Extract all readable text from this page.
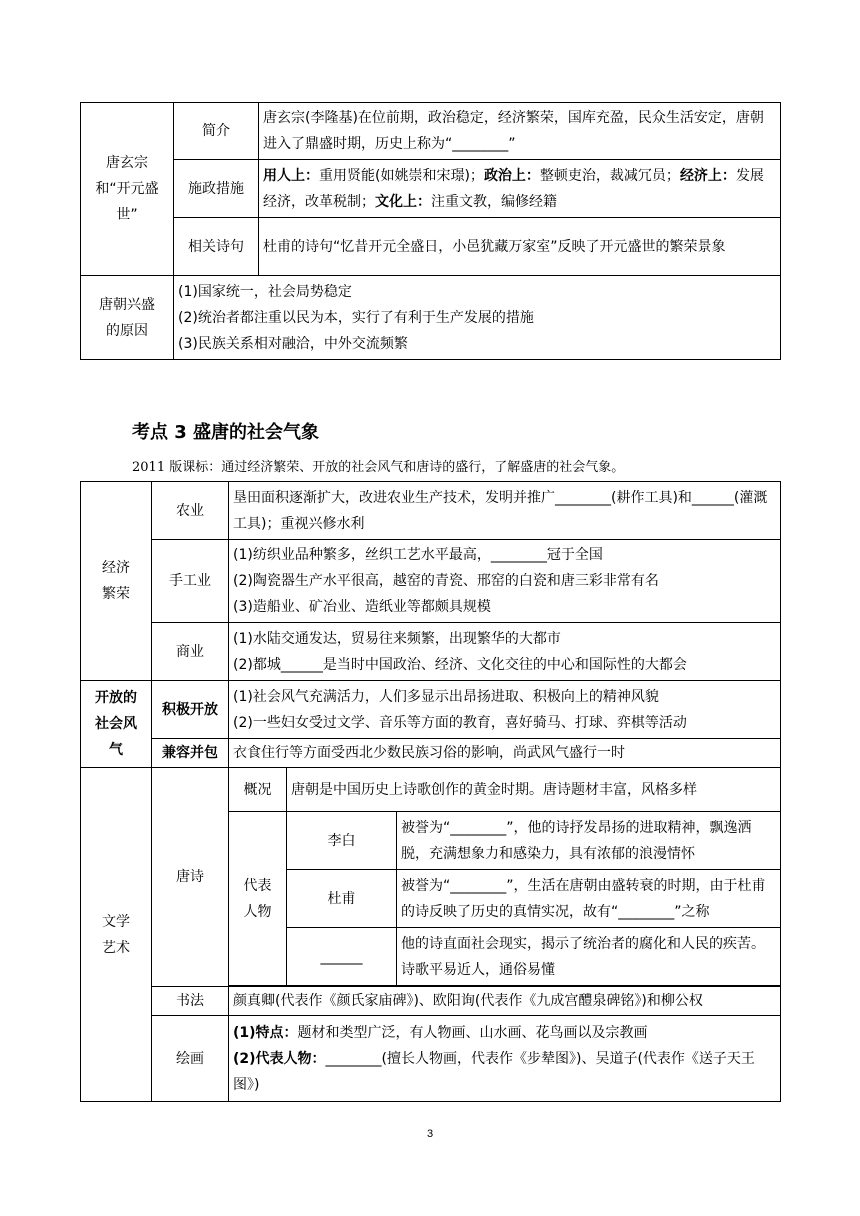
唐玄宗和“开元盛世”	简介	唐玄宗(李隆基)在位前期，政治稳定，经济繁荣，国库充盈，民众生活安定，唐朝进入了鼎盛时期，历史上称为“________”
	施政措施	用人上：重用贤能(如姚崇和宋璟)；政治上：整顿吏治，裁减冗员；经济上：发展经济，改革税制；文化上：注重文教，编修经籍
	相关诗句	杜甫的诗句“忆昔开元全盛日，小邑犹藏万家室”反映了开元盛世的繁荣景象
唐朝兴盛的原因	(1)国家统一，社会局势稳定
(2)统治者都注重以民为本，实行了有利于生产发展的措施
(3)民族关系相对融洽，中外交流频繁	
考点 3 盛唐的社会气象
2011 版课标：通过经济繁荣、开放的社会风气和唐诗的盛行，了解盛唐的社会气象。
经济繁荣	农业	垦田面积逐渐扩大，改进农业生产技术，发明并推广________(耕作工具)和______(灌溉工具)；重视兴修水利		
	手工业	(1)纺织业品种繁多，丝织工艺水平最高，________冠于全国
(2)陶瓷器生产水平很高，越窑的青瓷、邢窑的白瓷和唐三彩非常有名
(3)造船业、矿冶业、造纸业等都颇具规模		

	商业	(1)水陆交通发达，贸易往来频繁，出现繁华的大都市
(2)都城______是当时中国政治、经济、文化交往的中心和国际性的大都会		

开放的社会风气	积极开放	(1)社会风气充满活力，人们多显示出昂扬进取、积极向上的精神风貌
(2)一些妇女受过文学、音乐等方面的教育，喜好骑马、打球、弈棋等活动		

	兼容并包	衣食住行等方面受西北少数民族习俗的影响，尚武风气盛行一时		
文学艺术	唐诗	概况	唐朝是中国历史上诗歌创作的黄金时期。唐诗题材丰富，风格多样	
		代表人物	李白	被誉为“________”，他的诗抒发昂扬的进取精神，飘逸洒脱，充满想象力和感染力，具有浓郁的浪漫情怀
			杜甫	被誉为“________”，生活在唐朝由盛转衰的时期，由于杜甫的诗反映了历史的真情实况，故有“________”之称
			______	他的诗直面社会现实，揭示了统治者的腐化和人民的疾苦。诗歌平易近人，通俗易懂

	书法	颜真卿(代表作《颜氏家庙碑》)、欧阳询(代表作《九成宫醴泉碑铭》)和柳公权		
	绘画	(1)特点：题材和类型广泛，有人物画、山水画、花鸟画以及宗教画
(2)代表人物：________(擅长人物画，代表作《步辇图》)、吴道子(代表作《送子天王图》)		
3
